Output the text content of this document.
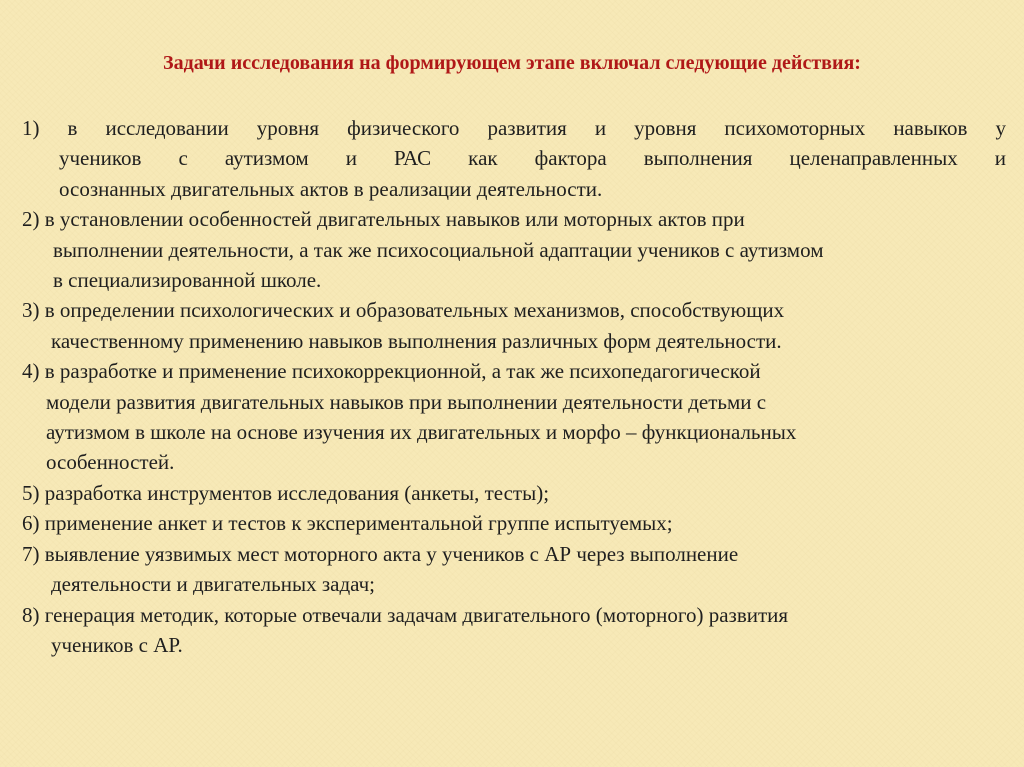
Задачи исследования на формирующем этапе включал следующие действия:
1) в исследовании уровня физического развития и уровня психомоторных навыков у
учеников с аутизмом и РАС как фактора выполнения целенаправленных и
осознанных двигательных актов в реализации деятельности.
2) в установлении особенностей двигательных навыков или моторных актов при
выполнении деятельности, а так же психосоциальной адаптации учеников с аутизмом
в специализированной школе.
3) в определении психологических и образовательных механизмов, способствующих
качественному применению навыков выполнения различных форм деятельности.
4) в разработке и применение психокоррекционной, а так же психопедагогической
модели развития двигательных навыков при выполнении деятельности детьми с
аутизмом в школе на основе изучения их двигательных и морфо – функциональных
особенностей.
5) разработка инструментов исследования (анкеты, тесты);
6) применение анкет и тестов к экспериментальной группе испытуемых;
7) выявление уязвимых мест моторного акта у учеников с АР через выполнение
деятельности и двигательных задач;
8) генерация методик, которые отвечали задачам двигательного (моторного) развития
учеников с АР.
